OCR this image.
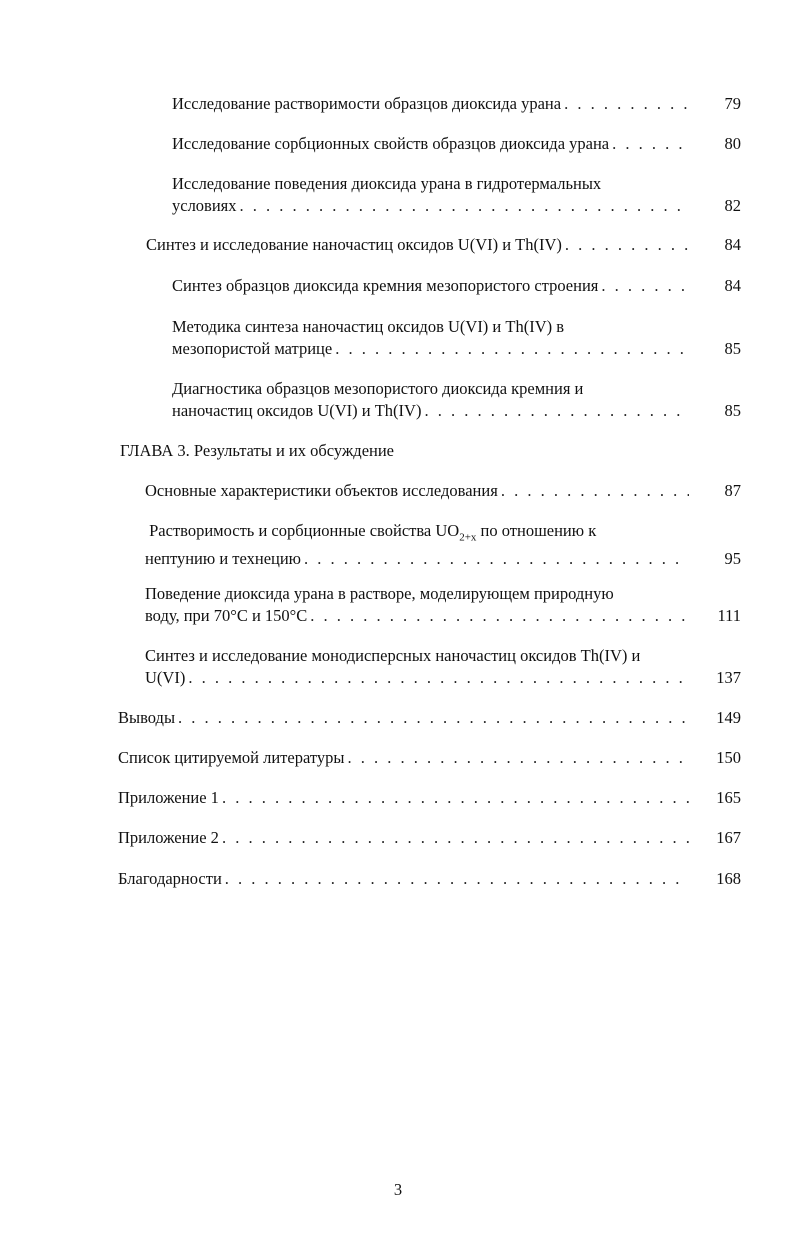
Исследование растворимости образцов диоксида урана . . .	79
Исследование сорбционных свойств образцов диоксида урана . . .	80
Исследование поведения диоксида урана в гидротермальных
условиях . . .	82
Синтез и исследование наночастиц оксидов U(VI) и Th(IV) . . .	84
Синтез образцов диоксида кремния мезопористого строения . . .	84
Методика синтеза наночастиц оксидов U(VI) и Th(IV) в
мезопористой матрице . . .	85
Диагностика образцов мезопористого диоксида кремния и
наночастиц оксидов U(VI) и Th(IV) . . .	85
ГЛАВА 3. Результаты и их обсуждение
Основные характеристики объектов исследования . . .	87
Растворимость и сорбционные свойства $UO_{2+x}$ по отношению к
нептунию и технецию . . .	95
Поведение диоксида урана в растворе, моделирующем природную
воду, при 70°С и 150°С . . .	111
Синтез и исследование монодисперсных наночастиц оксидов Th(IV) и
U(VI) . . .	137
Выводы . . .	149
Список цитируемой литературы . . .	150
Приложение 1 . . .	165
Приложение 2 . . .	167
Благодарности . . .	168
3
